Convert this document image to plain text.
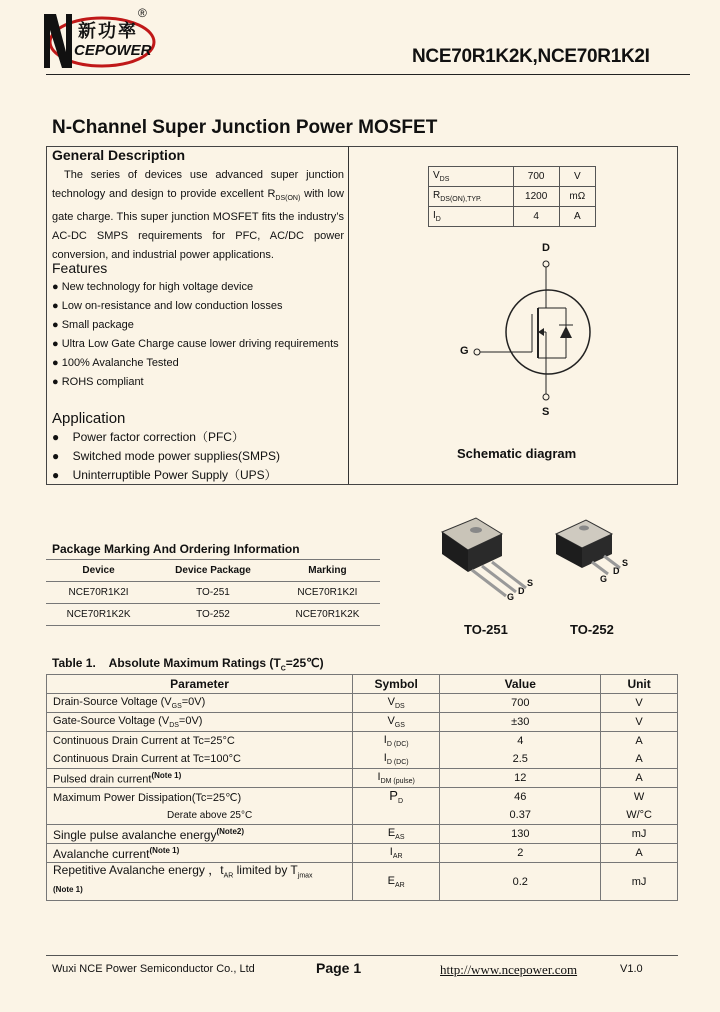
新功率
CEPOWER
®
NCE70R1K2K,NCE70R1K2I
N-Channel Super Junction Power MOSFET
General Description
The series of devices use advanced super junction technology and design to provide excellent $R_{DS(ON)}$ with low gate charge. This super junction MOSFET fits the industry’s AC-DC SMPS requirements for PFC, AC/DC power conversion, and industrial power applications.
Features
● New technology for high voltage device
● Low on-resistance and low conduction losses
● Small package
● Ultra Low Gate Charge cause lower driving requirements
● 100% Avalanche Tested
● ROHS compliant
Application
●    Power factor correction（PFC）
●    Switched mode power supplies(SMPS)
●    Uninterruptible Power Supply（UPS）
$V_{DS}$	700	V
$R_{DS(ON),TYP.}$	1200	mΩ
$I_D$	4	A
D
G
S
Schematic diagram
G
D
S	G
D
S
TO-251	TO-252
Package Marking And Ordering Information
Device	Device Package	Marking
NCE70R1K2I	TO-251	NCE70R1K2I
NCE70R1K2K	TO-252	NCE70R1K2K
Table 1.    Absolute Maximum Ratings $(T_C=25℃)$
Parameter	Symbol	Value	Unit
Drain-Source Voltage $(V_{GS}=0V)$	$V_{DS}$	700	V
Gate-Source Voltage $(V_{DS}=0V)$	$V_{GS}$	±30	V
Continuous Drain Current at Tc=25°C	$I_{D (DC)}$	4	A
Continuous Drain Current at Tc=100°C	$I_{D (DC)}$	2.5	A
Pulsed drain current$^{(Note 1)}$	$I_{DM (pulse)}$	12	A
Maximum Power Dissipation(Tc=25℃)	$P_D$	46	W
Derate above 25°C		0.37	W/°C
Single pulse avalanche energy$^{(Note2)}$	$E_{AS}$	130	mJ
Avalanche current$^{(Note 1)}$	$I_{AR}$	2	A
Repetitive Avalanche energy ，$t_{AR}$ limited by $T_{jmax}$
$^{(Note 1)}$	$E_{AR}$	0.2	mJ
Wuxi NCE Power Semiconductor Co., Ltd	Page 1	http://www.ncepower.com	V1.0
